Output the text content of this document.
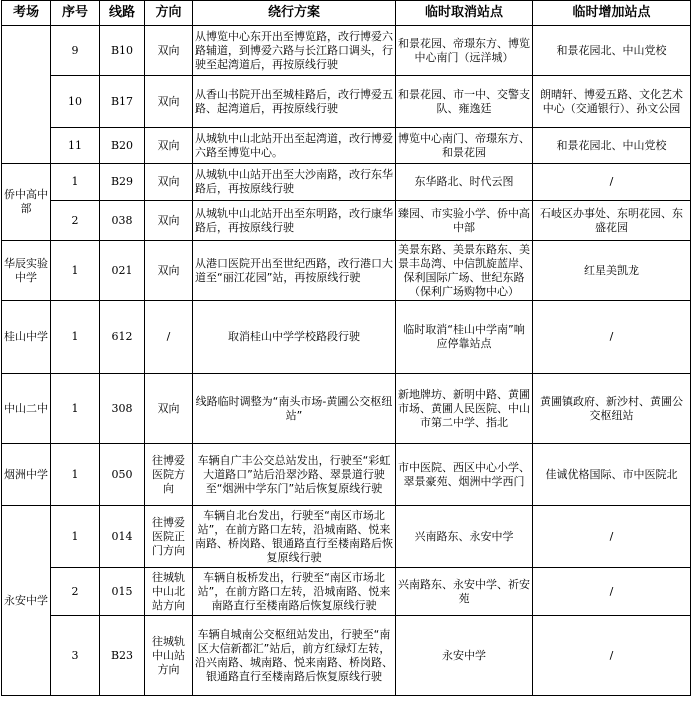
考场	序号	线路	方向	绕行方案	临时取消站点	临时增加站点
	9	B10	双向	从博览中心东开出至博览路，改行博爱六路辅道，到博爱六路与长江路口调头，行驶至起湾道后，再按原线行驶	和景花园、帝璟东方、博览中心南门（远洋城）	和景花园北、中山党校
	10	B17	双向	从香山书院开出至城桂路后，改行博爱五路、起湾道后，再按原线行驶	和景花园、市一中、交警支队、雍逸廷	朗晴轩、博爱五路、文化艺术中心（交通银行）、孙文公园
	11	B20	双向	从城轨中山北站开出至起湾道，改行博爱六路至博览中心。	博览中心南门、帝璟东方、和景花园	和景花园北、中山党校
侨中高中部	1	B29	双向	从城轨中山站开出至大沙南路，改行东华路后，再按原线行驶	东华路北、时代云图	/
	2	038	双向	从城轨中山北站开出至东明路，改行康华路后，再按原线行驶	臻园、市实验小学、侨中高中部	石岐区办事处、东明花园、东盛花园
华辰实验中学	1	021	双向	从港口医院开出至世纪西路，改行港口大道至“丽江花园”站，再按原线行驶	美景东路、美景东路东、美景丰岛湾、中信凯旋蓝岸、保利国际广场、世纪东路（保利广场购物中心）	红星美凯龙
桂山中学	1	612	/	取消桂山中学学校路段行驶	临时取消“桂山中学南”响应停靠站点	/
中山二中	1	308	双向	线路临时调整为“南头市场-黄圃公交枢纽站”	新地牌坊、新明中路、黄圃市场、黄圃人民医院、中山市第二中学、指北	黄圃镇政府、新沙村、黄圃公交枢纽站
烟洲中学	1	050	往博爱医院方向	车辆自广丰公交总站发出，行驶至“彩虹大道路口”站后沿翠沙路、翠景道行驶至“烟洲中学东门”站后恢复原线行驶	市中医院、西区中心小学、翠景豪苑、烟洲中学西门	佳诚优格国际、市中医院北
永安中学	1	014	往博爱医院正门方向	车辆自北台发出，行驶至“南区市场北站”，在前方路口左转，沿城南路、悦来南路、桥岗路、银通路直行至楼南路后恢复原线行驶	兴南路东、永安中学	/
	2	015	往城轨中山北站方向	车辆自板桥发出，行驶至“南区市场北站”，在前方路口左转，沿城南路、悦来南路直行至楼南路后恢复原线行驶	兴南路东、永安中学、祈安苑	/
	3	B23	往城轨中山站方向	车辆自城南公交枢纽站发出，行驶至“南区大信新都汇”站后，前方红绿灯左转，沿兴南路、城南路、悦来南路、桥岗路、银通路直行至楼南路后恢复原线行驶	永安中学	/
